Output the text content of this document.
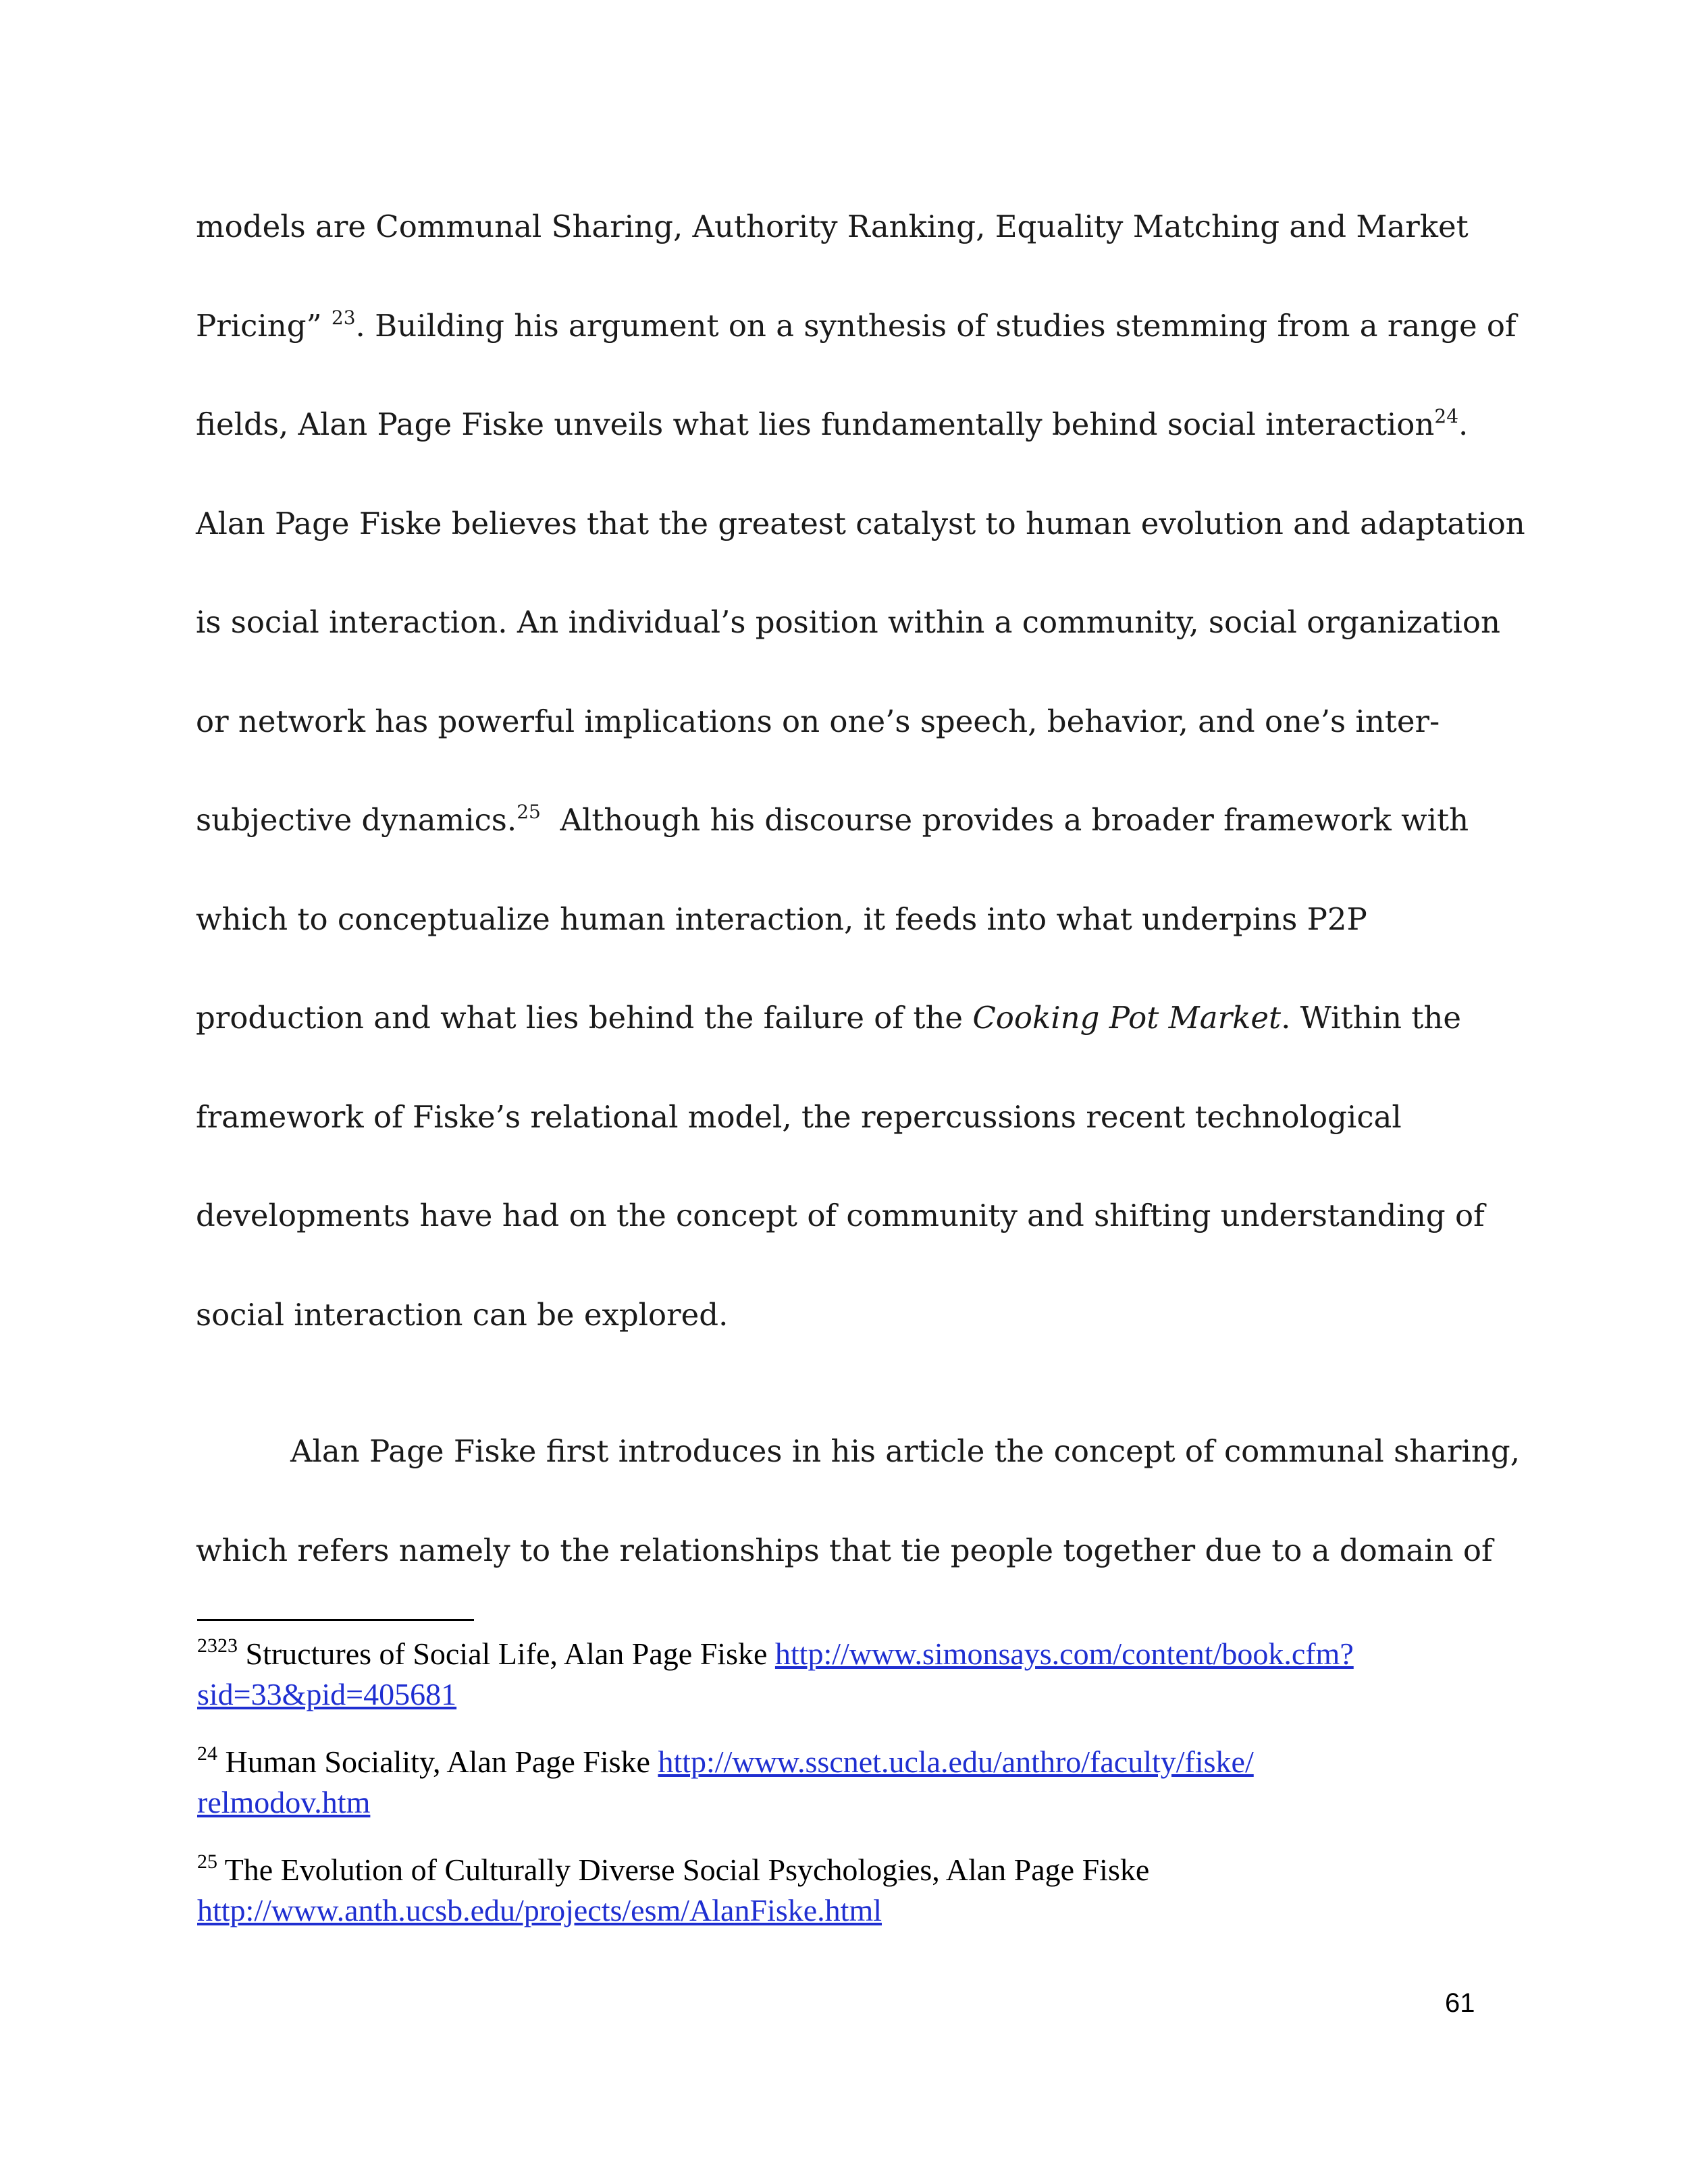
models are Communal Sharing, Authority Ranking, Equality Matching and Market
Pricing” $^{23}$. Building his argument on a synthesis of studies stemming from a range of
fields, Alan Page Fiske unveils what lies fundamentally behind social interaction$^{24}$.
Alan Page Fiske believes that the greatest catalyst to human evolution and adaptation
is social interaction. An individual’s position within a community, social organization
or network has powerful implications on one’s speech, behavior, and one’s inter-
subjective dynamics.$^{25}$  Although his discourse provides a broader framework with
which to conceptualize human interaction, it feeds into what underpins P2P
production and what lies behind the failure of the Cooking Pot Market. Within the
framework of Fiske’s relational model, the repercussions recent technological
developments have had on the concept of community and shifting understanding of
social interaction can be explored.
Alan Page Fiske first introduces in his article the concept of communal sharing,
which refers namely to the relationships that tie people together due to a domain of
$^{2323}$ Structures of Social Life, Alan Page Fiske http://www.simonsays.com/content/book.cfm?
sid=33&pid=405681
$^{24}$ Human Sociality, Alan Page Fiske http://www.sscnet.ucla.edu/anthro/faculty/fiske/
relmodov.htm
$^{25}$ The Evolution of Culturally Diverse Social Psychologies, Alan Page Fiske
http://www.anth.ucsb.edu/projects/esm/AlanFiske.html
61
